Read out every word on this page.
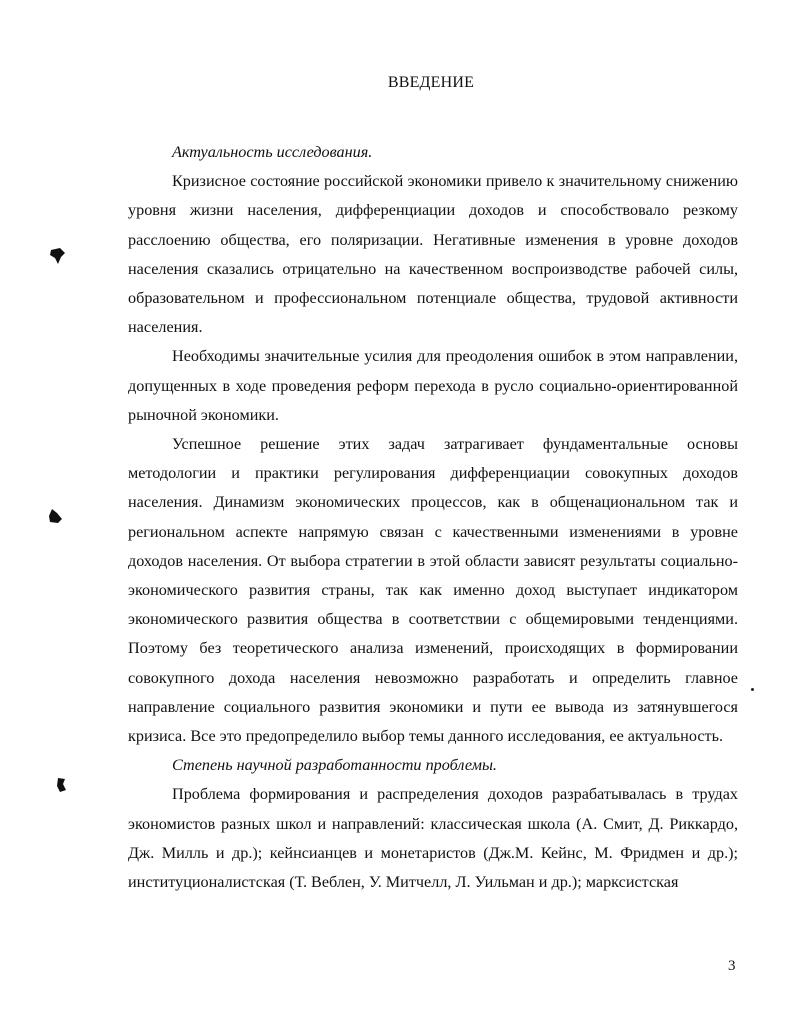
ВВЕДЕНИЕ

Актуальность исследования.

Кризисное состояние российской экономики привело к значительному снижению уровня жизни населения, дифференциации доходов и способствовало резкому расслоению общества, его поляризации. Негативные изменения в уровне доходов населения сказались отрицательно на качественном воспроизводстве рабочей силы, образовательном и профессиональном потенциале общества, трудовой активности населения.

Необходимы значительные усилия для преодоления ошибок в этом направлении, допущенных в ходе проведения реформ перехода в русло социально-ориентированной рыночной экономики.

Успешное решение этих задач затрагивает фундаментальные основы методологии и практики регулирования дифференциации совокупных доходов населения. Динамизм экономических процессов, как в общенациональном так и региональном аспекте напрямую связан с качественными изменениями в уровне доходов населения. От выбора стратегии в этой области зависят результаты социально-экономического развития страны, так как именно доход выступает индикатором экономического развития общества в соответствии с общемировыми тенденциями. Поэтому без теоретического анализа изменений, происходящих в формировании совокупного дохода населения невозможно разработать и определить главное направление социального развития экономики и пути ее вывода из затянувшегося кризиса. Все это предопределило выбор темы данного исследования, ее актуальность.

Степень научной разработанности проблемы.

Проблема формирования и распределения доходов разрабатывалась в трудах экономистов разных школ и направлений: классическая школа (А. Смит, Д. Риккардо, Дж. Милль и др.); кейнсианцев и монетаристов (Дж.М. Кейнс, М. Фридмен и др.); институционалистская (Т. Веблен, У. Митчелл, Л. Уильман и др.); марксистская

3
